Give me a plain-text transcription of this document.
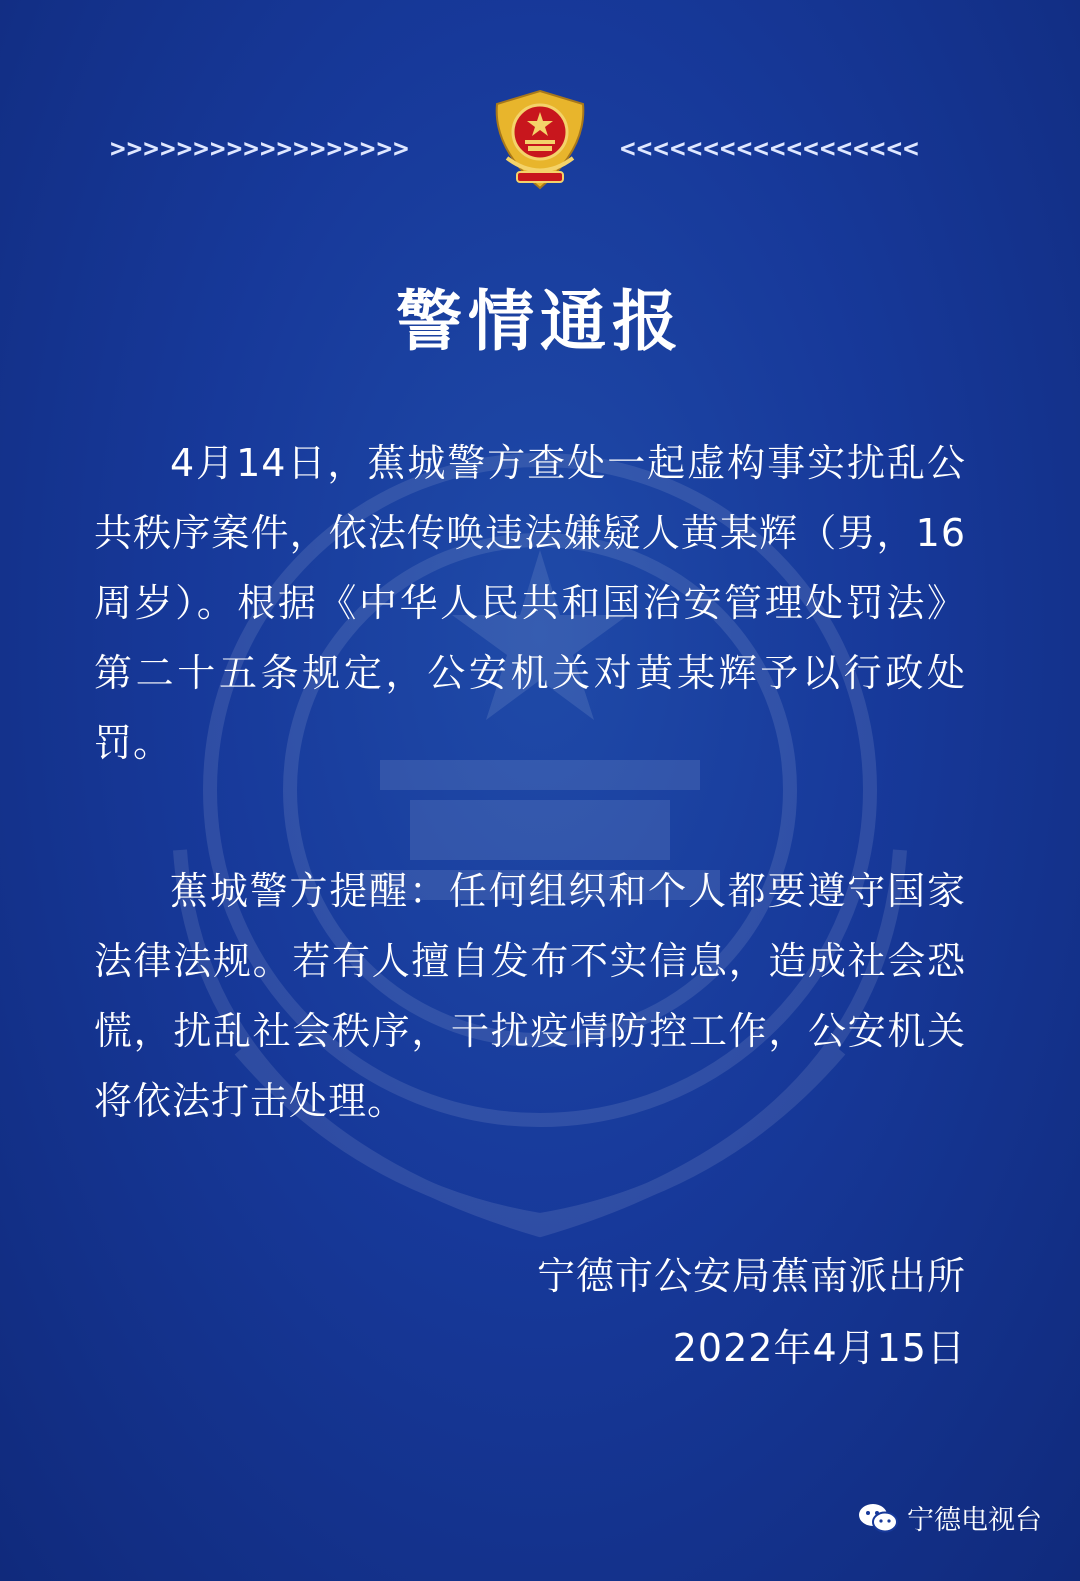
>>>>>>>>>>>>>>>>>>	<<<<<<<<<<<<<<<<<<
警情通报
4月14日，蕉城警方查处一起虚构事实扰乱公共秩序案件，依法传唤违法嫌疑人黄某辉（男，16周岁）。根据《中华人民共和国治安管理处罚法》第二十五条规定，公安机关对黄某辉予以行政处罚。
蕉城警方提醒：任何组织和个人都要遵守国家法律法规。若有人擅自发布不实信息，造成社会恐慌，扰乱社会秩序，干扰疫情防控工作，公安机关将依法打击处理。
宁德市公安局蕉南派出所
2022年4月15日
宁德电视台
